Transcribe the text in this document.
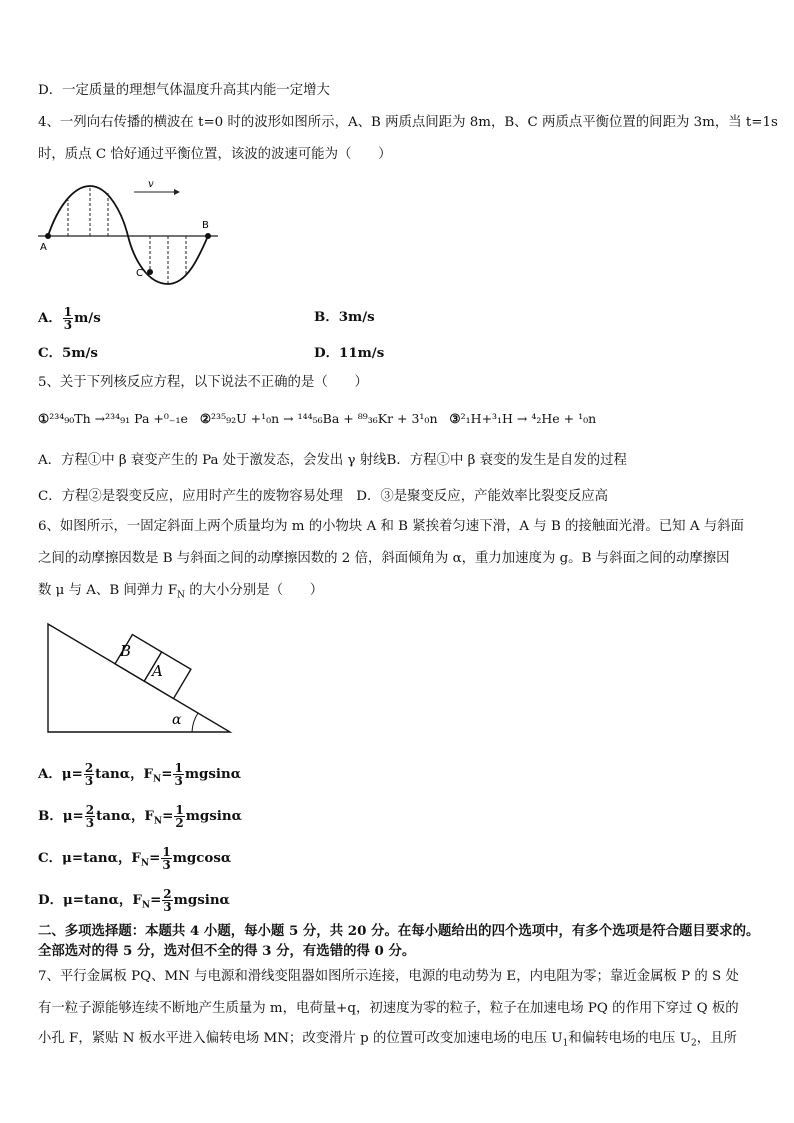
D．一定质量的理想气体温度升高其内能一定增大
4、一列向右传播的横波在 t=0 时的波形如图所示，A、B 两质点间距为 8m，B、C 两质点平衡位置的间距为 3m，当 t=1s
时，质点 C 恰好通过平衡位置，该波的波速可能为（　　）
v
A
B
C
A． $\frac{1}{3} m/s$	B．3m/s
C．5m/s	D．11m/s
5、关于下列核反应方程，以下说法不正确的是（　　）
①²³⁴₉₀Th →²³⁴₉₁ Pa +⁰₋₁e ②²³⁵₉₂U +¹₀n → ¹⁴⁴₅₆Ba + ⁸⁹₃₆Kr + 3¹₀n ③²₁H+³₁H → ⁴₂He + ¹₀n
A．方程①中 β 衰变产生的 Pa 处于激发态，会发出 γ 射线B．方程①中 β 衰变的发生是自发的过程
C．方程②是裂变反应，应用时产生的废物容易处理　D．③是聚变反应，产能效率比裂变反应高
6、如图所示，一固定斜面上两个质量均为 m 的小物块 A 和 B 紧挨着匀速下滑，A 与 B 的接触面光滑。已知 A 与斜面
之间的动摩擦因数是 B 与斜面之间的动摩擦因数的 2 倍，斜面倾角为 α，重力加速度为 g。B 与斜面之间的动摩擦因
数 μ 与 A、B 间弹力 $F_N$ 的大小分别是（　　）
B
A
α
A．$\mu= \frac{2}{3}$ tanα，$F_N= \frac{1}{3}$ mgsinα
B．$\mu= \frac{2}{3}$ tanα，$F_N= \frac{1}{2}$ mgsinα
C．μ=tanα，$F_N= \frac{1}{3}$ mgcosα
D．μ=tanα，$F_N= \frac{2}{3}$ mgsinα
二、多项选择题：本题共 4 小题，每小题 5 分，共 20 分。在每小题给出的四个选项中，有多个选项是符合题目要求的。
全部选对的得 5 分，选对但不全的得 3 分，有选错的得 0 分。
7、平行金属板 PQ、MN 与电源和滑线变阻器如图所示连接，电源的电动势为 E，内电阻为零；靠近金属板 P 的 S 处
有一粒子源能够连续不断地产生质量为 m，电荷量+q，初速度为零的粒子，粒子在加速电场 PQ 的作用下穿过 Q 板的
小孔 F，紧贴 N 板水平进入偏转电场 MN；改变滑片 p 的位置可改变加速电场的电压 $U_1$和偏转电场的电压 $U_2$，且所
